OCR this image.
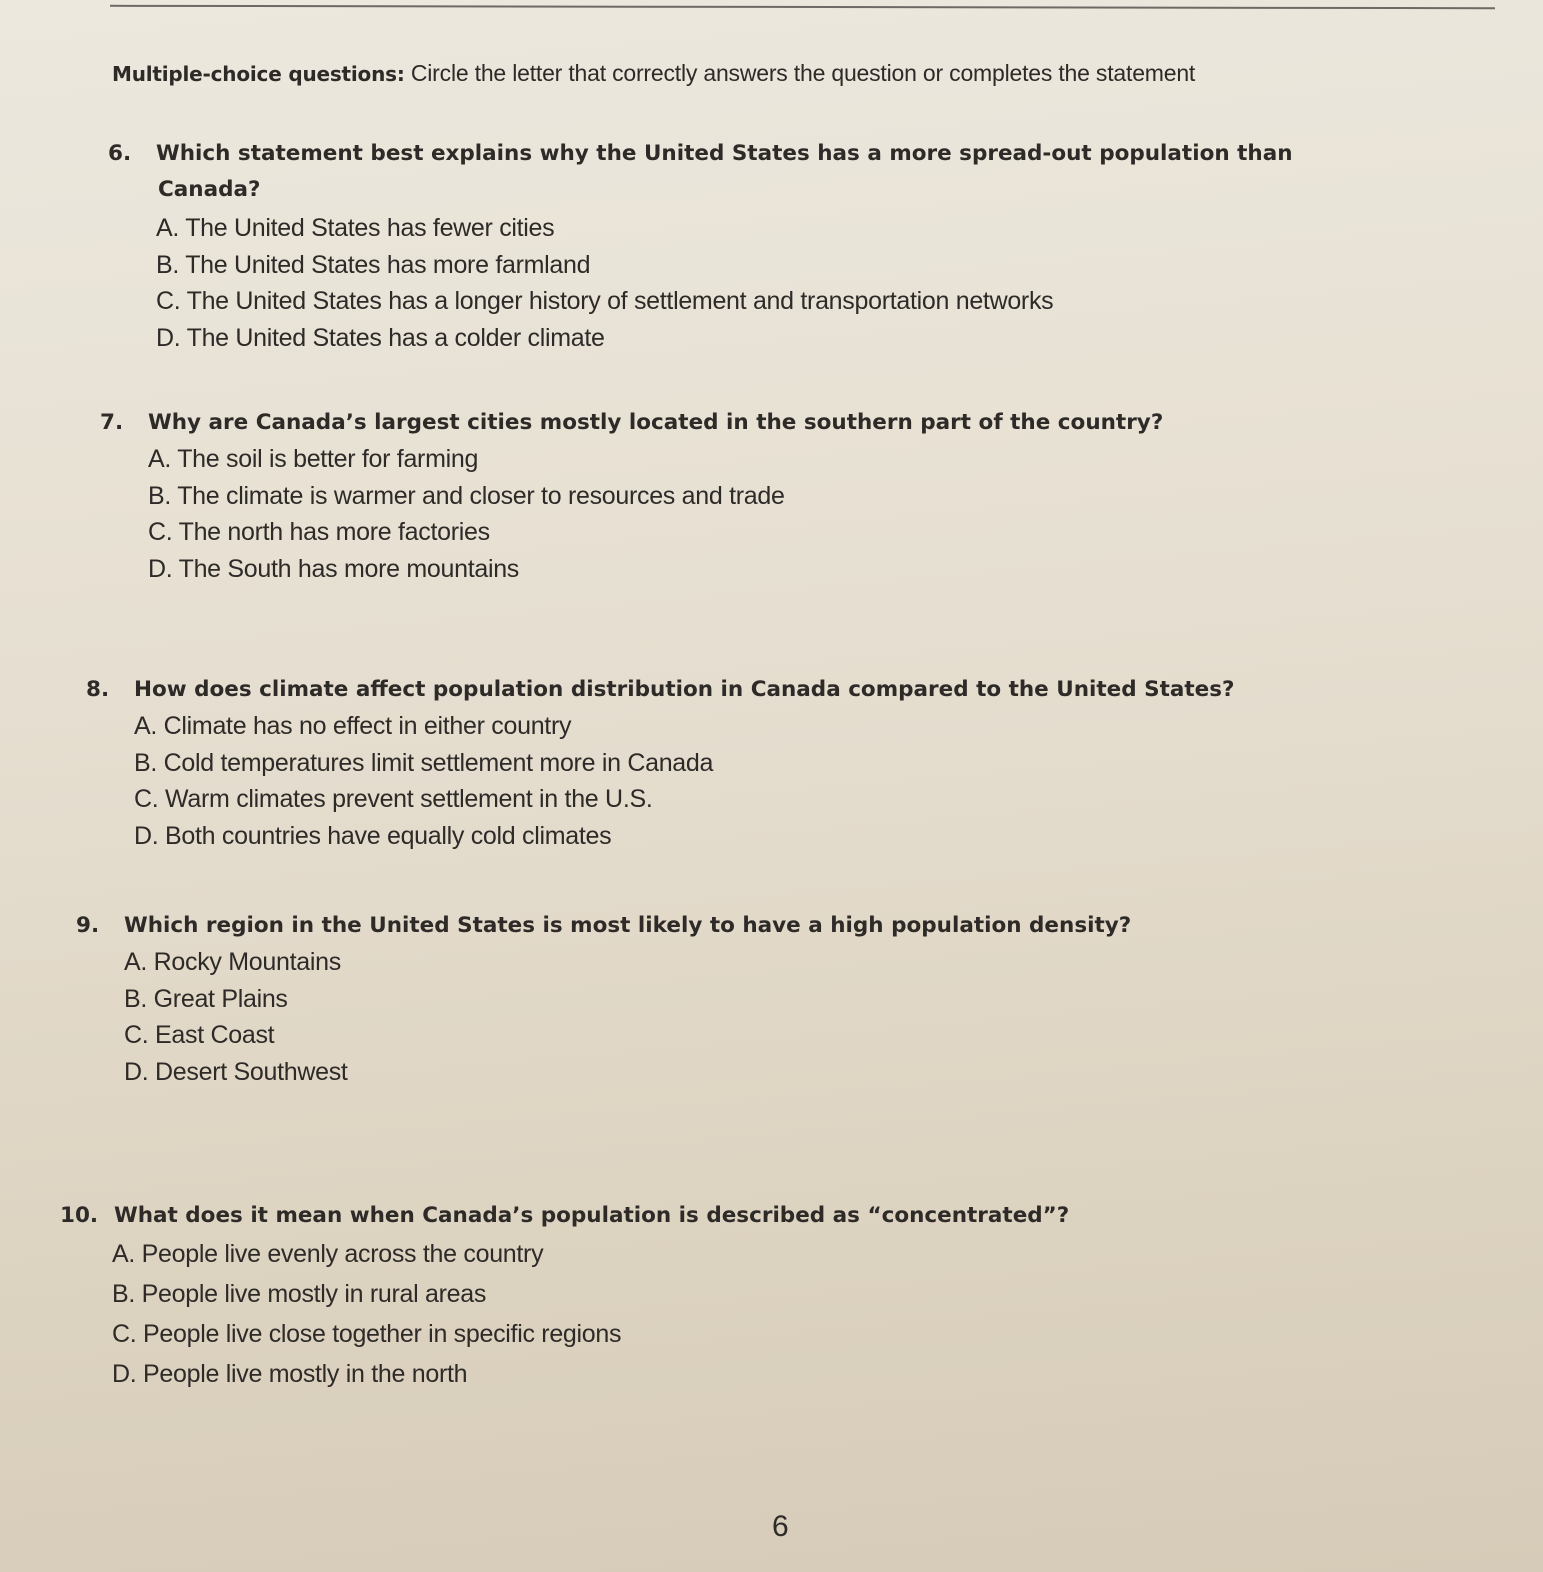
Multiple-choice questions: Circle the letter that correctly answers the question or completes the statement
6. Which statement best explains why the United States has a more spread-out population than
Canada?
A. The United States has fewer cities
B. The United States has more farmland
C. The United States has a longer history of settlement and transportation networks
D. The United States has a colder climate
7. Why are Canada’s largest cities mostly located in the southern part of the country?
A. The soil is better for farming
B. The climate is warmer and closer to resources and trade
C. The north has more factories
D. The South has more mountains
8. How does climate affect population distribution in Canada compared to the United States?
A. Climate has no effect in either country
B. Cold temperatures limit settlement more in Canada
C. Warm climates prevent settlement in the U.S.
D. Both countries have equally cold climates
9. Which region in the United States is most likely to have a high population density?
A. Rocky Mountains
B. Great Plains
C. East Coast
D. Desert Southwest
10. What does it mean when Canada’s population is described as “concentrated”?
A. People live evenly across the country
B. People live mostly in rural areas
C. People live close together in specific regions
D. People live mostly in the north
6
